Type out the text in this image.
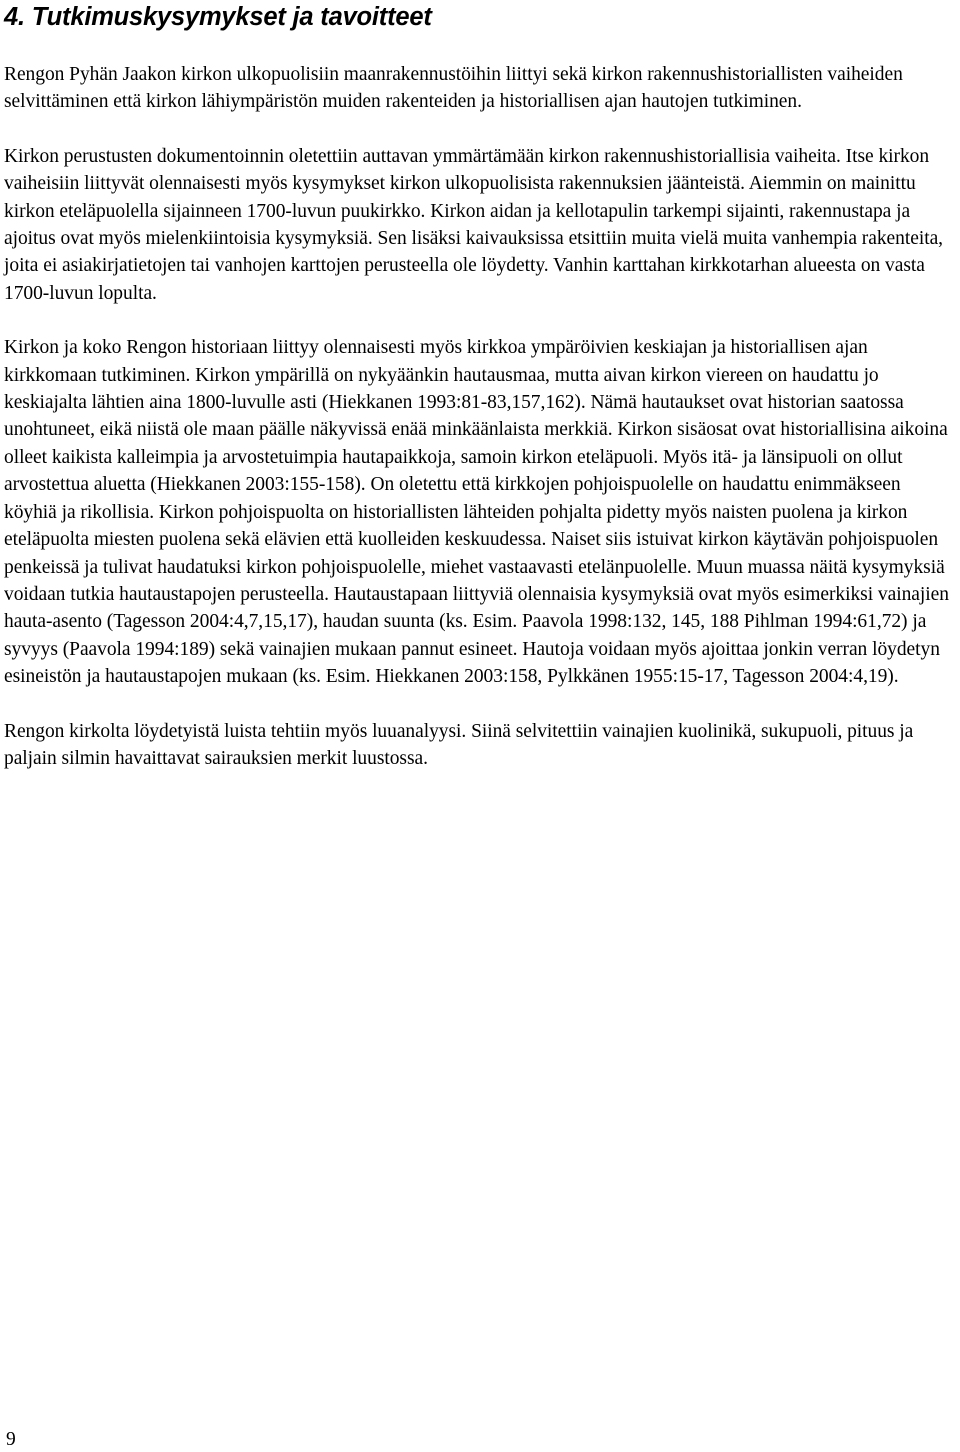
4. Tutkimuskysymykset ja tavoitteet

Rengon Pyhän Jaakon kirkon ulkopuolisiin maanrakennustöihin liittyi sekä kirkon rakennushistoriallisten vaiheiden selvittäminen että kirkon lähiympäristön muiden rakenteiden ja historiallisen ajan hautojen tutkiminen.

Kirkon perustusten dokumentoinnin oletettiin auttavan ymmärtämään kirkon rakennushistoriallisia vaiheita. Itse kirkon vaiheisiin liittyvät olennaisesti myös kysymykset kirkon ulkopuolisista rakennuksien jäänteistä. Aiemmin on mainittu kirkon eteläpuolella sijainneen 1700-luvun puukirkko. Kirkon aidan ja kellotapulin tarkempi sijainti, rakennustapa ja ajoitus ovat myös mielenkiintoisia kysymyksiä. Sen lisäksi kaivauksissa etsittiin muita vielä muita vanhempia rakenteita, joita ei asiakirjatietojen tai vanhojen karttojen perusteella ole löydetty. Vanhin karttahan kirkkotarhan alueesta on vasta 1700-luvun lopulta.

Kirkon ja koko Rengon historiaan liittyy olennaisesti myös kirkkoa ympäröivien keskiajan ja historiallisen ajan kirkkomaan tutkiminen. Kirkon ympärillä on nykyäänkin hautausmaa, mutta aivan kirkon viereen on haudattu jo keskiajalta lähtien aina 1800-luvulle asti (Hiekkanen 1993:81-83,157,162). Nämä hautaukset ovat historian saatossa unohtuneet, eikä niistä ole maan päälle näkyvissä enää minkäänlaista merkkiä. Kirkon sisäosat ovat historiallisina aikoina olleet kaikista kalleimpia ja arvostetuimpia hautapaikkoja, samoin kirkon eteläpuoli. Myös itä- ja länsipuoli on ollut arvostettua aluetta (Hiekkanen 2003:155-158). On oletettu että kirkkojen pohjoispuolelle on haudattu enimmäkseen köyhiä ja rikollisia. Kirkon pohjoispuolta on historiallisten lähteiden pohjalta pidetty myös naisten puolena ja kirkon eteläpuolta miesten puolena sekä elävien että kuolleiden keskuudessa. Naiset siis istuivat kirkon käytävän pohjoispuolen penkeissä ja tulivat haudatuksi kirkon pohjoispuolelle, miehet vastaavasti etelänpuolelle. Muun muassa näitä kysymyksiä voidaan tutkia hautaustapojen perusteella. Hautaustapaan liittyviä olennaisia kysymyksiä ovat myös esimerkiksi vainajien hauta-asento (Tagesson 2004:4,7,15,17), haudan suunta (ks. Esim. Paavola 1998:132, 145, 188 Pihlman 1994:61,72) ja syvyys (Paavola 1994:189) sekä vainajien mukaan pannut esineet. Hautoja voidaan myös ajoittaa jonkin verran löydetyn esineistön ja hautaustapojen mukaan (ks. Esim. Hiekkanen 2003:158, Pylkkänen 1955:15-17, Tagesson 2004:4,19).

Rengon kirkolta löydetyistä luista tehtiin myös luuanalyysi. Siinä selvitettiin vainajien kuolinikä, sukupuoli, pituus ja paljain silmin havaittavat sairauksien merkit luustossa.

9
